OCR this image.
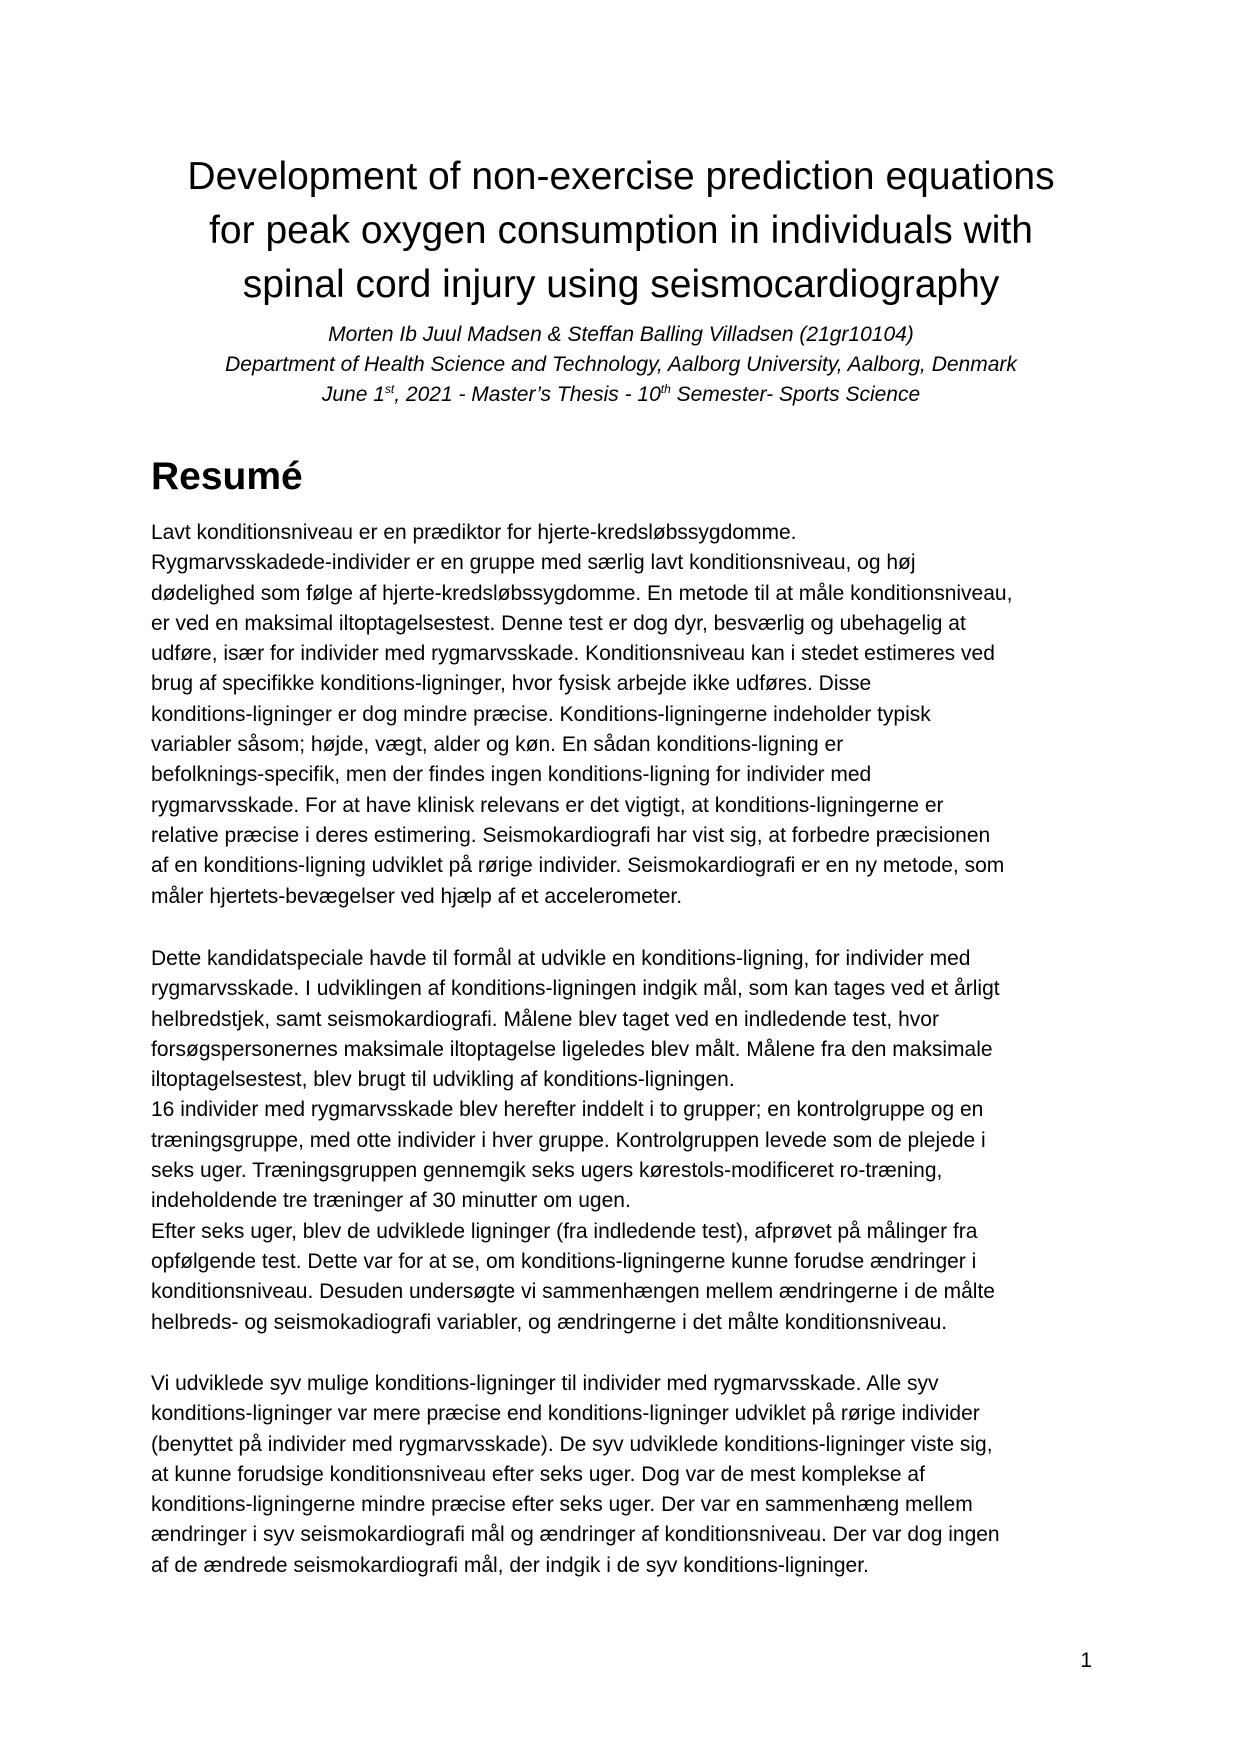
Development of non-exercise prediction equations
for peak oxygen consumption in individuals with
spinal cord injury using seismocardiography
Morten Ib Juul Madsen & Steffan Balling Villadsen (21gr10104)
Department of Health Science and Technology, Aalborg University, Aalborg, Denmark
June 1st, 2021 - Master’s Thesis - 10th Semester- Sports Science
Resumé
Lavt konditionsniveau er en prædiktor for hjerte-kredsløbssygdomme.
Rygmarvsskadede-individer er en gruppe med særlig lavt konditionsniveau, og høj
dødelighed som følge af hjerte-kredsløbssygdomme. En metode til at måle konditionsniveau,
er ved en maksimal iltoptagelsestest. Denne test er dog dyr, besværlig og ubehagelig at
udføre, især for individer med rygmarvsskade. Konditionsniveau kan i stedet estimeres ved
brug af specifikke konditions-ligninger, hvor fysisk arbejde ikke udføres. Disse
konditions-ligninger er dog mindre præcise. Konditions-ligningerne indeholder typisk
variabler såsom; højde, vægt, alder og køn. En sådan konditions-ligning er
befolknings-specifik, men der findes ingen konditions-ligning for individer med
rygmarvsskade. For at have klinisk relevans er det vigtigt, at konditions-ligningerne er
relative præcise i deres estimering. Seismokardiografi har vist sig, at forbedre præcisionen
af en konditions-ligning udviklet på rørige individer. Seismokardiografi er en ny metode, som
måler hjertets-bevægelser ved hjælp af et accelerometer.
Dette kandidatspeciale havde til formål at udvikle en konditions-ligning, for individer med
rygmarvsskade. I udviklingen af konditions-ligningen indgik mål, som kan tages ved et årligt
helbredstjek, samt seismokardiografi. Målene blev taget ved en indledende test, hvor
forsøgspersonernes maksimale iltoptagelse ligeledes blev målt. Målene fra den maksimale
iltoptagelsestest, blev brugt til udvikling af konditions-ligningen.
16 individer med rygmarvsskade blev herefter inddelt i to grupper; en kontrolgruppe og en
træningsgruppe, med otte individer i hver gruppe. Kontrolgruppen levede som de plejede i
seks uger. Træningsgruppen gennemgik seks ugers kørestols-modificeret ro-træning,
indeholdende tre træninger af 30 minutter om ugen.
Efter seks uger, blev de udviklede ligninger (fra indledende test), afprøvet på målinger fra
opfølgende test. Dette var for at se, om konditions-ligningerne kunne forudse ændringer i
konditionsniveau. Desuden undersøgte vi sammenhængen mellem ændringerne i de målte
helbreds- og seismokadiografi variabler, og ændringerne i det målte konditionsniveau.
Vi udviklede syv mulige konditions-ligninger til individer med rygmarvsskade. Alle syv
konditions-ligninger var mere præcise end konditions-ligninger udviklet på rørige individer
(benyttet på individer med rygmarvsskade). De syv udviklede konditions-ligninger viste sig,
at kunne forudsige konditionsniveau efter seks uger. Dog var de mest komplekse af
konditions-ligningerne mindre præcise efter seks uger. Der var en sammenhæng mellem
ændringer i syv seismokardiografi mål og ændringer af konditionsniveau. Der var dog ingen
af de ændrede seismokardiografi mål, der indgik i de syv konditions-ligninger.
1
